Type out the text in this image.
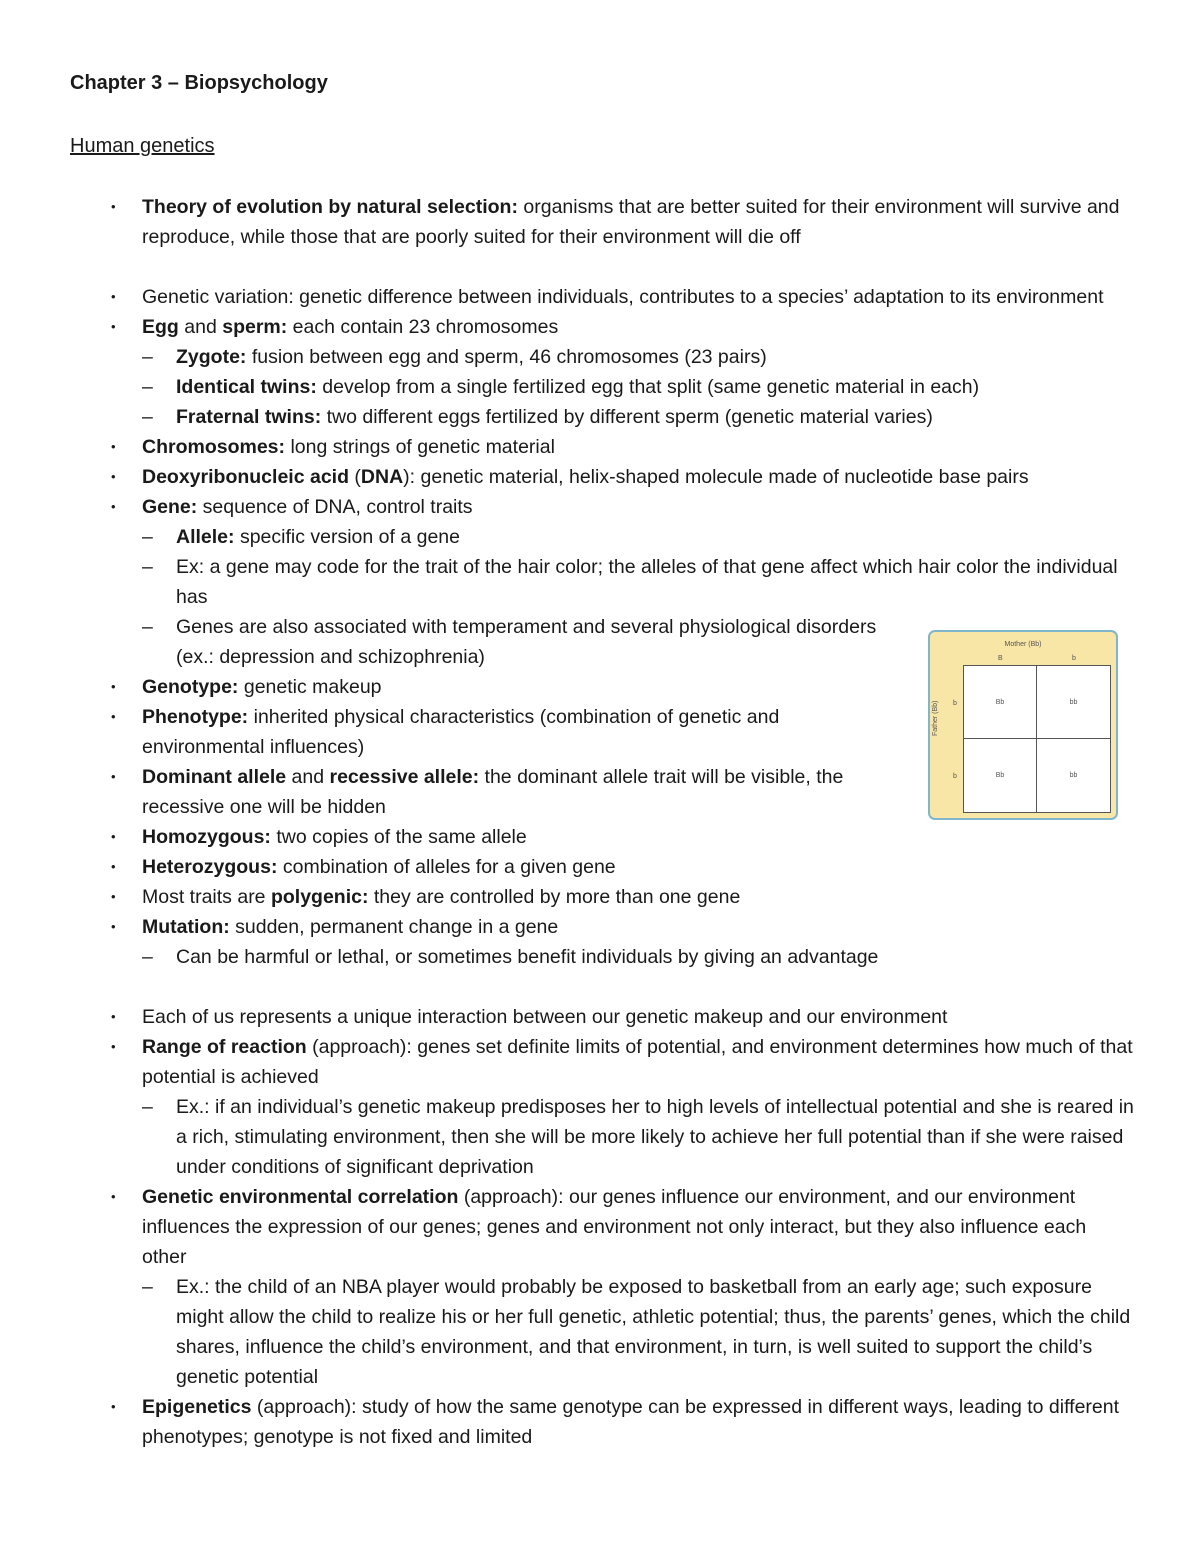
Chapter 3 – Biopsychology
Human genetics
• Theory of evolution by natural selection: organisms that are better suited for their environment will survive and reproduce, while those that are poorly suited for their environment will die off
• Genetic variation: genetic difference between individuals, contributes to a species’ adaptation to its environment
• Egg and sperm: each contain 23 chromosomes
– Zygote: fusion between egg and sperm, 46 chromosomes (23 pairs)
– Identical twins: develop from a single fertilized egg that split (same genetic material in each)
– Fraternal twins: two different eggs fertilized by different sperm (genetic material varies)
• Chromosomes: long strings of genetic material
• Deoxyribonucleic acid (DNA): genetic material, helix-shaped molecule made of nucleotide base pairs
• Gene: sequence of DNA, control traits
– Allele: specific version of a gene
– Ex: a gene may code for the trait of the hair color; the alleles of that gene affect which hair color the individual has
– Genes are also associated with temperament and several physiological disorders (ex.: depression and schizophrenia)
• Genotype: genetic makeup
• Phenotype: inherited physical characteristics (combination of genetic and environmental influences)
• Dominant allele and recessive allele: the dominant allele trait will be visible, the recessive one will be hidden
• Homozygous: two copies of the same allele
• Heterozygous: combination of alleles for a given gene
• Most traits are polygenic: they are controlled by more than one gene
• Mutation: sudden, permanent change in a gene
– Can be harmful or lethal, or sometimes benefit individuals by giving an advantage
• Each of us represents a unique interaction between our genetic makeup and our environment
• Range of reaction (approach): genes set definite limits of potential, and environment determines how much of that potential is achieved
– Ex.: if an individual’s genetic makeup predisposes her to high levels of intellectual potential and she is reared in a rich, stimulating environment, then she will be more likely to achieve her full potential than if she were raised under conditions of significant deprivation
• Genetic environmental correlation (approach): our genes influence our environment, and our environment influences the expression of our genes; genes and environment not only interact, but they also influence each other
– Ex.: the child of an NBA player would probably be exposed to basketball from an early age; such exposure might allow the child to realize his or her full genetic, athletic potential; thus, the parents’ genes, which the child shares, influence the child’s environment, and that environment, in turn, is well suited to support the child’s genetic potential
• Epigenetics (approach): study of how the same genotype can be expressed in different ways, leading to different phenotypes; genotype is not fixed and limited
Mother (Bb)
B	b
Father (Bb) b
b
Bb	bb
Bb	bb
